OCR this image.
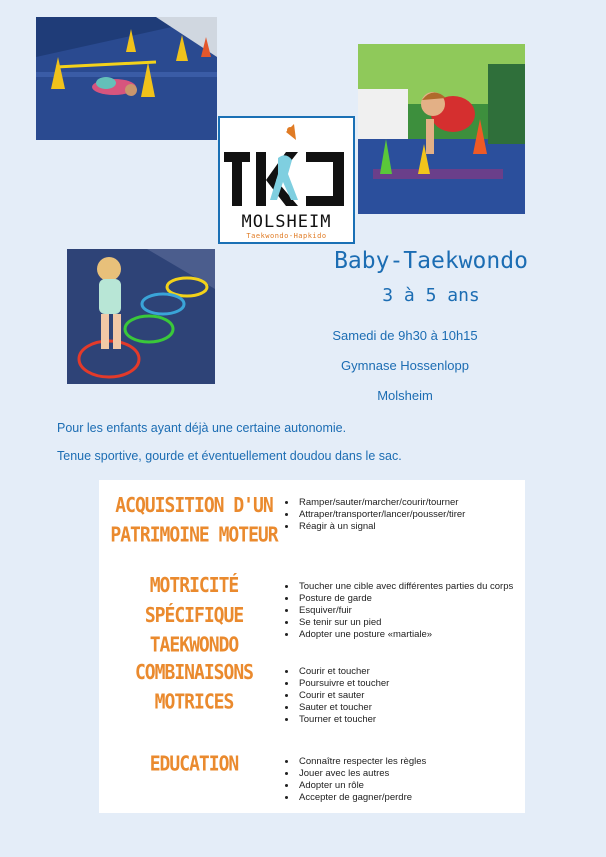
MOLSHEIM
Taekwondo-Hapkido
Baby-Taekwondo
3 à 5 ans
Samedi de 9h30 à 10h15
Gymnase Hossenlopp
Molsheim
Pour les enfants ayant déjà une certaine autonomie.
Tenue sportive, gourde et éventuellement doudou dans le sac.
ACQUISITION D'UN
PATRIMOINE MOTEUR
• Ramper/sauter/marcher/courir/tourner
• Attraper/transporter/lancer/pousser/tirer
• Réagir à un signal
MOTRICITÉ SPÉCIFIQUE
TAEKWONDO
• Toucher une cible avec différentes parties du corps
• Posture de garde
• Esquiver/fuir
• Se tenir sur un pied
• Adopter une posture «martiale»
COMBINAISONS
MOTRICES
• Courir et toucher
• Poursuivre et toucher
• Courir et sauter
• Sauter et toucher
• Tourner et toucher
EDUCATION
•	Connaître respecter les règles
• Jouer avec les autres
• Adopter un rôle
• Accepter de gagner/perdre
